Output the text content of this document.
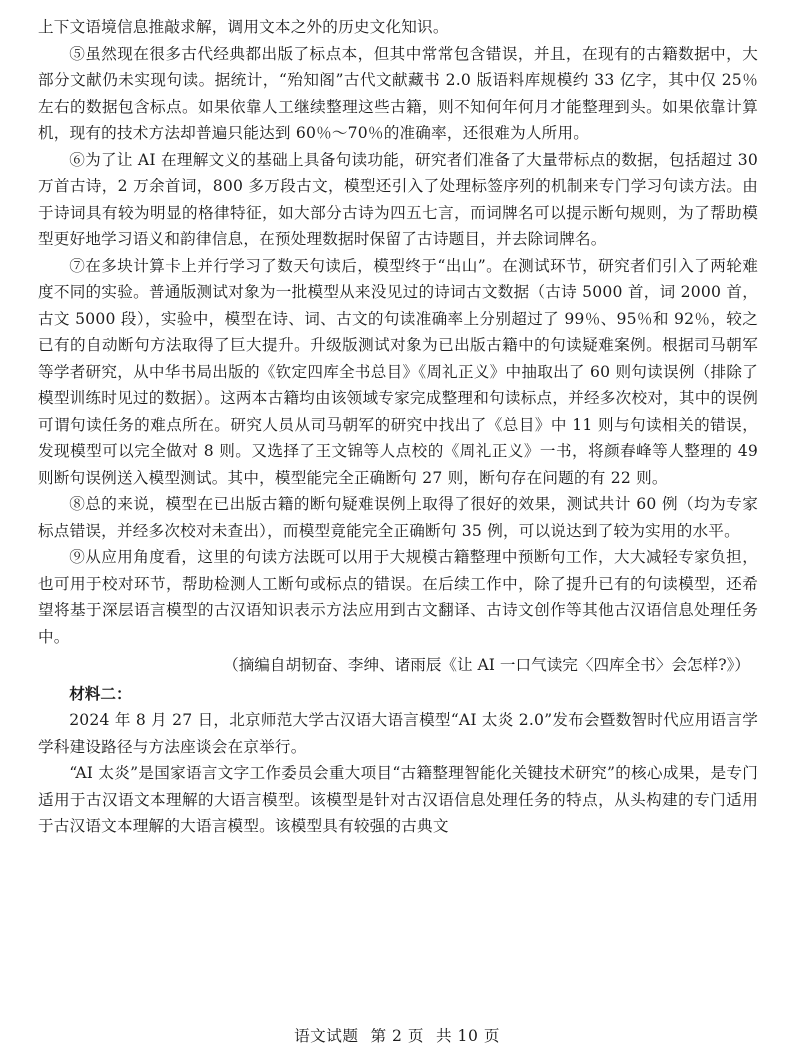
上下文语境信息推敲求解，调用文本之外的历史文化知识。

⑤虽然现在很多古代经典都出版了标点本，但其中常常包含错误，并且，在现有的古籍数据中，大部分文献仍未实现句读。据统计，“殆知阁”古代文献藏书 2.0 版语料库规模约 33 亿字，其中仅 25％左右的数据包含标点。如果依靠人工继续整理这些古籍，则不知何年何月才能整理到头。如果依靠计算机，现有的技术方法却普遍只能达到 60％～70％的准确率，还很难为人所用。

⑥为了让 AI 在理解文义的基础上具备句读功能，研究者们准备了大量带标点的数据，包括超过 30 万首古诗，2 万余首词，800 多万段古文，模型还引入了处理标签序列的机制来专门学习句读方法。由于诗词具有较为明显的格律特征，如大部分古诗为四五七言，而词牌名可以提示断句规则，为了帮助模型更好地学习语义和韵律信息，在预处理数据时保留了古诗题目，并去除词牌名。

⑦在多块计算卡上并行学习了数天句读后，模型终于“出山”。在测试环节，研究者们引入了两轮难度不同的实验。普通版测试对象为一批模型从来没见过的诗词古文数据（古诗 5000 首，词 2000 首，古文 5000 段），实验中，模型在诗、词、古文的句读准确率上分别超过了 99％、95％和 92％，较之已有的自动断句方法取得了巨大提升。升级版测试对象为已出版古籍中的句读疑难案例。根据司马朝军等学者研究，从中华书局出版的《钦定四库全书总目》《周礼正义》中抽取出了 60 则句读误例（排除了模型训练时见过的数据）。这两本古籍均由该领域专家完成整理和句读标点，并经多次校对，其中的误例可谓句读任务的难点所在。研究人员从司马朝军的研究中找出了《总目》中 11 则与句读相关的错误，发现模型可以完全做对 8 则。又选择了王文锦等人点校的《周礼正义》一书，将颜春峰等人整理的 49 则断句误例送入模型测试。其中，模型能完全正确断句 27 则，断句存在问题的有 22 则。

⑧总的来说，模型在已出版古籍的断句疑难误例上取得了很好的效果，测试共计 60 例（均为专家标点错误，并经多次校对未查出），而模型竟能完全正确断句 35 例，可以说达到了较为实用的水平。

⑨从应用角度看，这里的句读方法既可以用于大规模古籍整理中预断句工作，大大减轻专家负担，也可用于校对环节，帮助检测人工断句或标点的错误。在后续工作中，除了提升已有的句读模型，还希望将基于深层语言模型的古汉语知识表示方法应用到古文翻译、古诗文创作等其他古汉语信息处理任务中。

（摘编自胡韧奋、李绅、诸雨辰《让 AI 一口气读完〈四库全书〉会怎样?》）

材料二：

2024 年 8 月 27 日，北京师范大学古汉语大语言模型“AI 太炎 2.0”发布会暨数智时代应用语言学学科建设路径与方法座谈会在京举行。

“AI 太炎”是国家语言文字工作委员会重大项目“古籍整理智能化关键技术研究”的核心成果，是专门适用于古汉语文本理解的大语言模型。该模型是针对古汉语信息处理任务的特点，从头构建的专门适用于古汉语文本理解的大语言模型。该模型具有较强的古典文

语文试题 第 2 页 共 10 页
